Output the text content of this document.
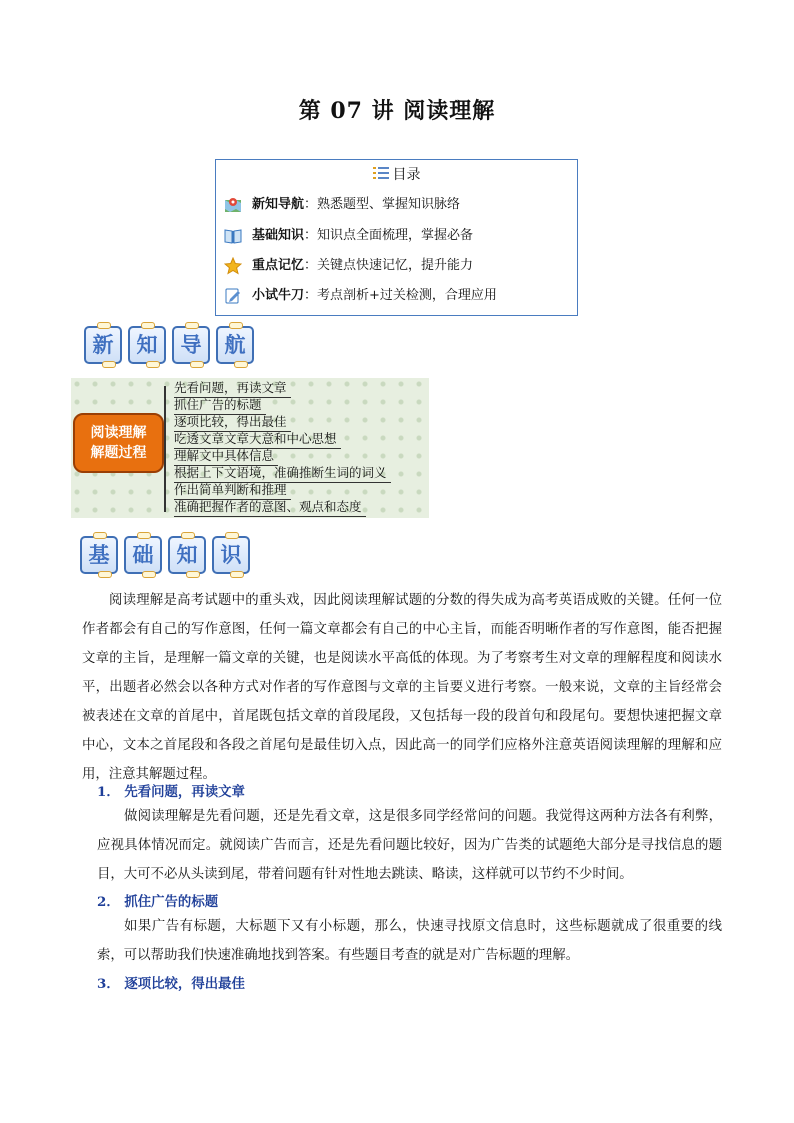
第 07 讲 阅读理解
目录
新知导航：熟悉题型、掌握知识脉络
基础知识：知识点全面梳理，掌握必备
重点记忆：关键点快速记忆，提升能力
小试牛刀：考点剖析+过关检测，合理应用
新	知	导	航
阅读理解
解题过程
先看问题，再读文章
抓住广告的标题
逐项比较，得出最佳
吃透文章文章大意和中心思想
理解文中具体信息
根据上下文语境，准确推断生词的词义
作出简单判断和推理
准确把握作者的意图、观点和态度
基	础	知	识
阅读理解是高考试题中的重头戏，因此阅读理解试题的分数的得失成为高考英语成败的关键。任何一位作者都会有自己的写作意图，任何一篇文章都会有自己的中心主旨，而能否明晰作者的写作意图，能否把握文章的主旨，是理解一篇文章的关键，也是阅读水平高低的体现。为了考察考生对文章的理解程度和阅读水平，出题者必然会以各种方式对作者的写作意图与文章的主旨要义进行考察。一般来说，文章的主旨经常会被表述在文章的首尾中，首尾既包括文章的首段尾段，又包括每一段的段首句和段尾句。要想快速把握文章中心，文本之首尾段和各段之首尾句是最佳切入点，因此高一的同学们应格外注意英语阅读理解的理解和应用，注意其解题过程。
1． 先看问题，再读文章
做阅读理解是先看问题，还是先看文章，这是很多同学经常问的问题。我觉得这两种方法各有利弊，应视具体情况而定。就阅读广告而言，还是先看问题比较好，因为广告类的试题绝大部分是寻找信息的题目，大可不必从头读到尾，带着问题有针对性地去跳读、略读，这样就可以节约不少时间。
2． 抓住广告的标题
如果广告有标题，大标题下又有小标题，那么，快速寻找原文信息时，这些标题就成了很重要的线索，可以帮助我们快速准确地找到答案。有些题目考查的就是对广告标题的理解。
3． 逐项比较，得出最佳
